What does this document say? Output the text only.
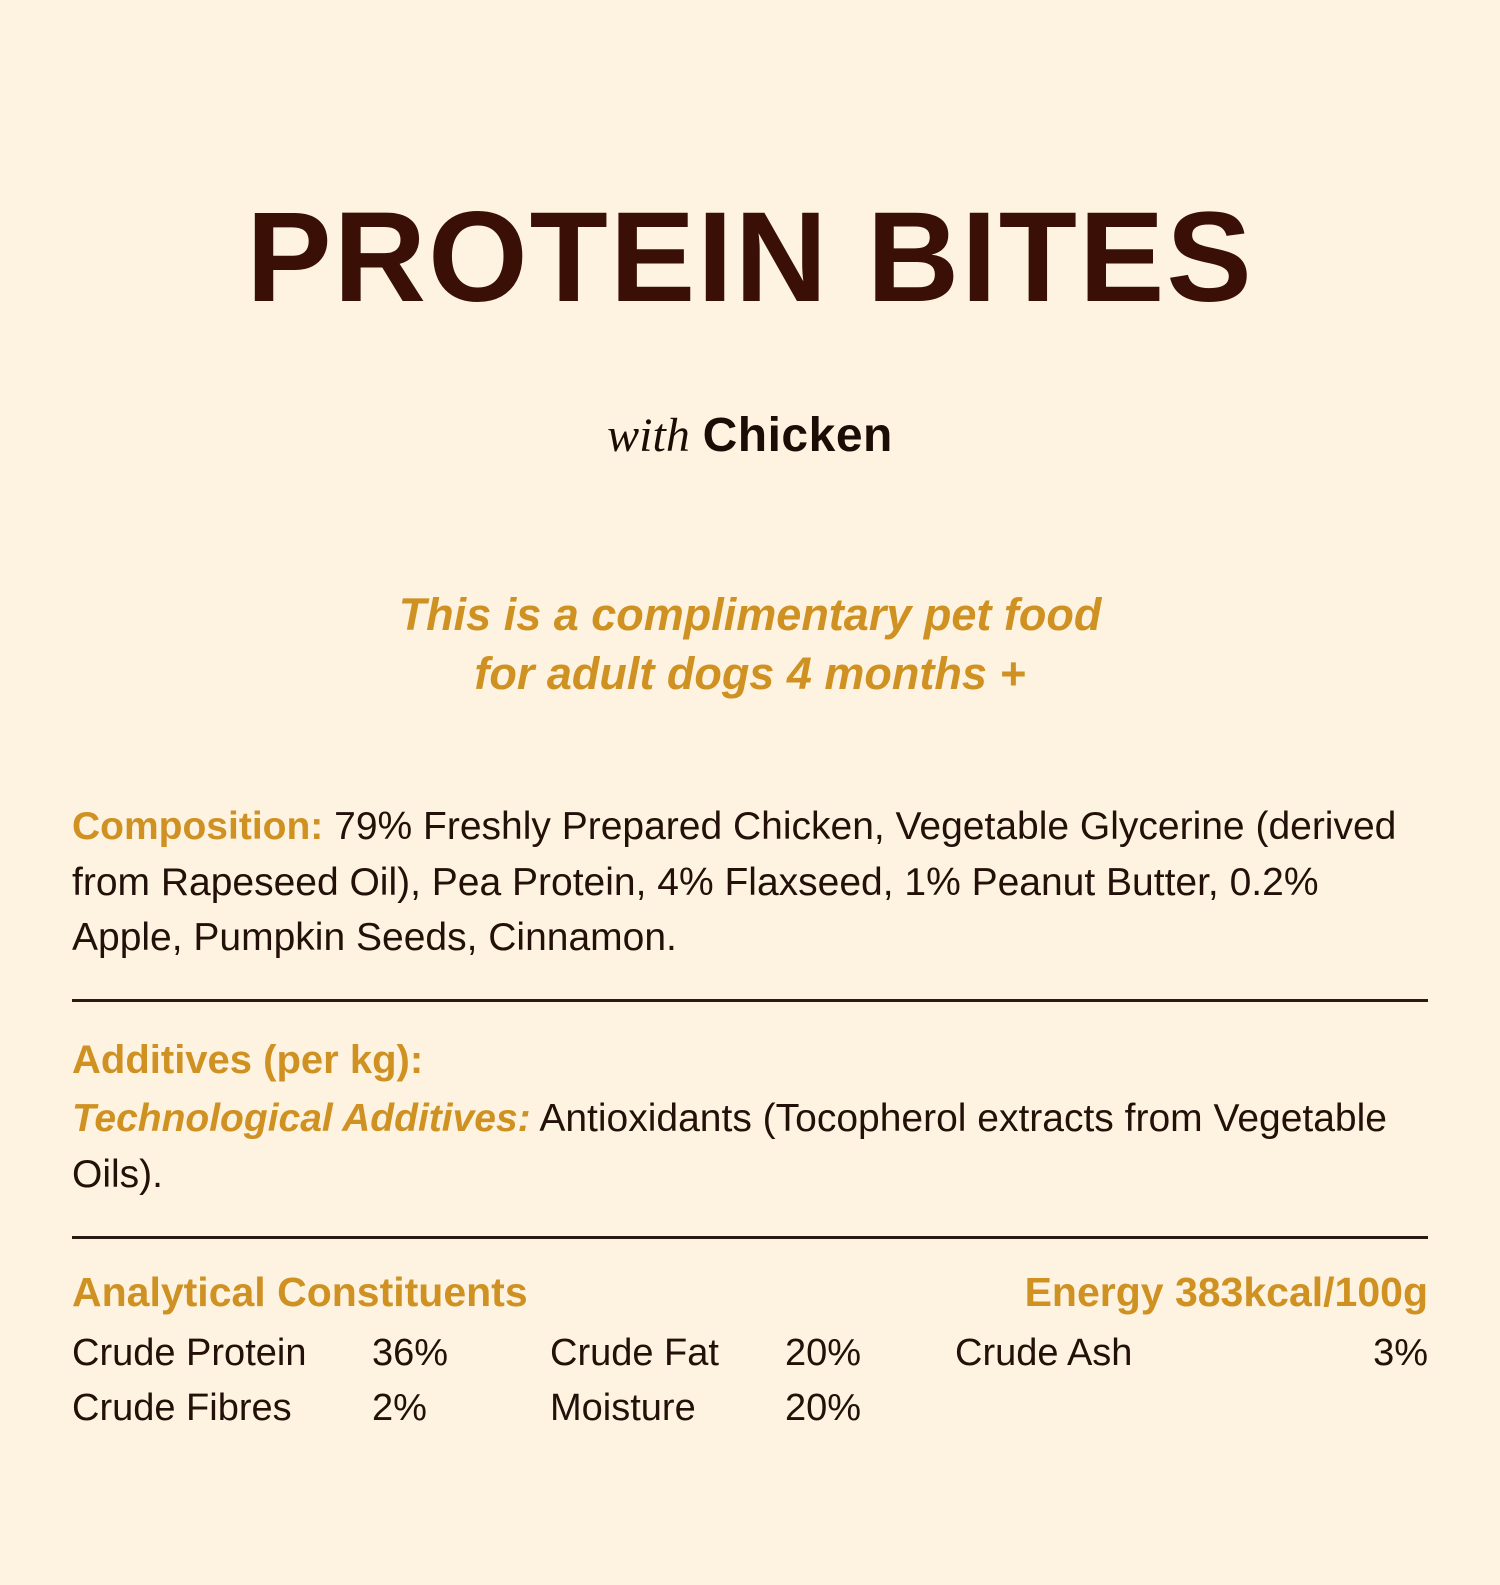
PROTEIN BITES
with Chicken
This is a complimentary pet food
for adult dogs 4 months +
Composition: 79% Freshly Prepared Chicken, Vegetable Glycerine (derived from Rapeseed Oil), Pea Protein, 4% Flaxseed, 1% Peanut Butter, 0.2% Apple, Pumpkin Seeds, Cinnamon.
Additives (per kg):
Technological Additives: Antioxidants (Tocopherol extracts from Vegetable Oils).
Analytical Constituents	Energy 383kcal/100g
Crude Protein	36%	Crude Fat	20%	Crude Ash	3%
Crude Fibres	2%	Moisture	20%		
